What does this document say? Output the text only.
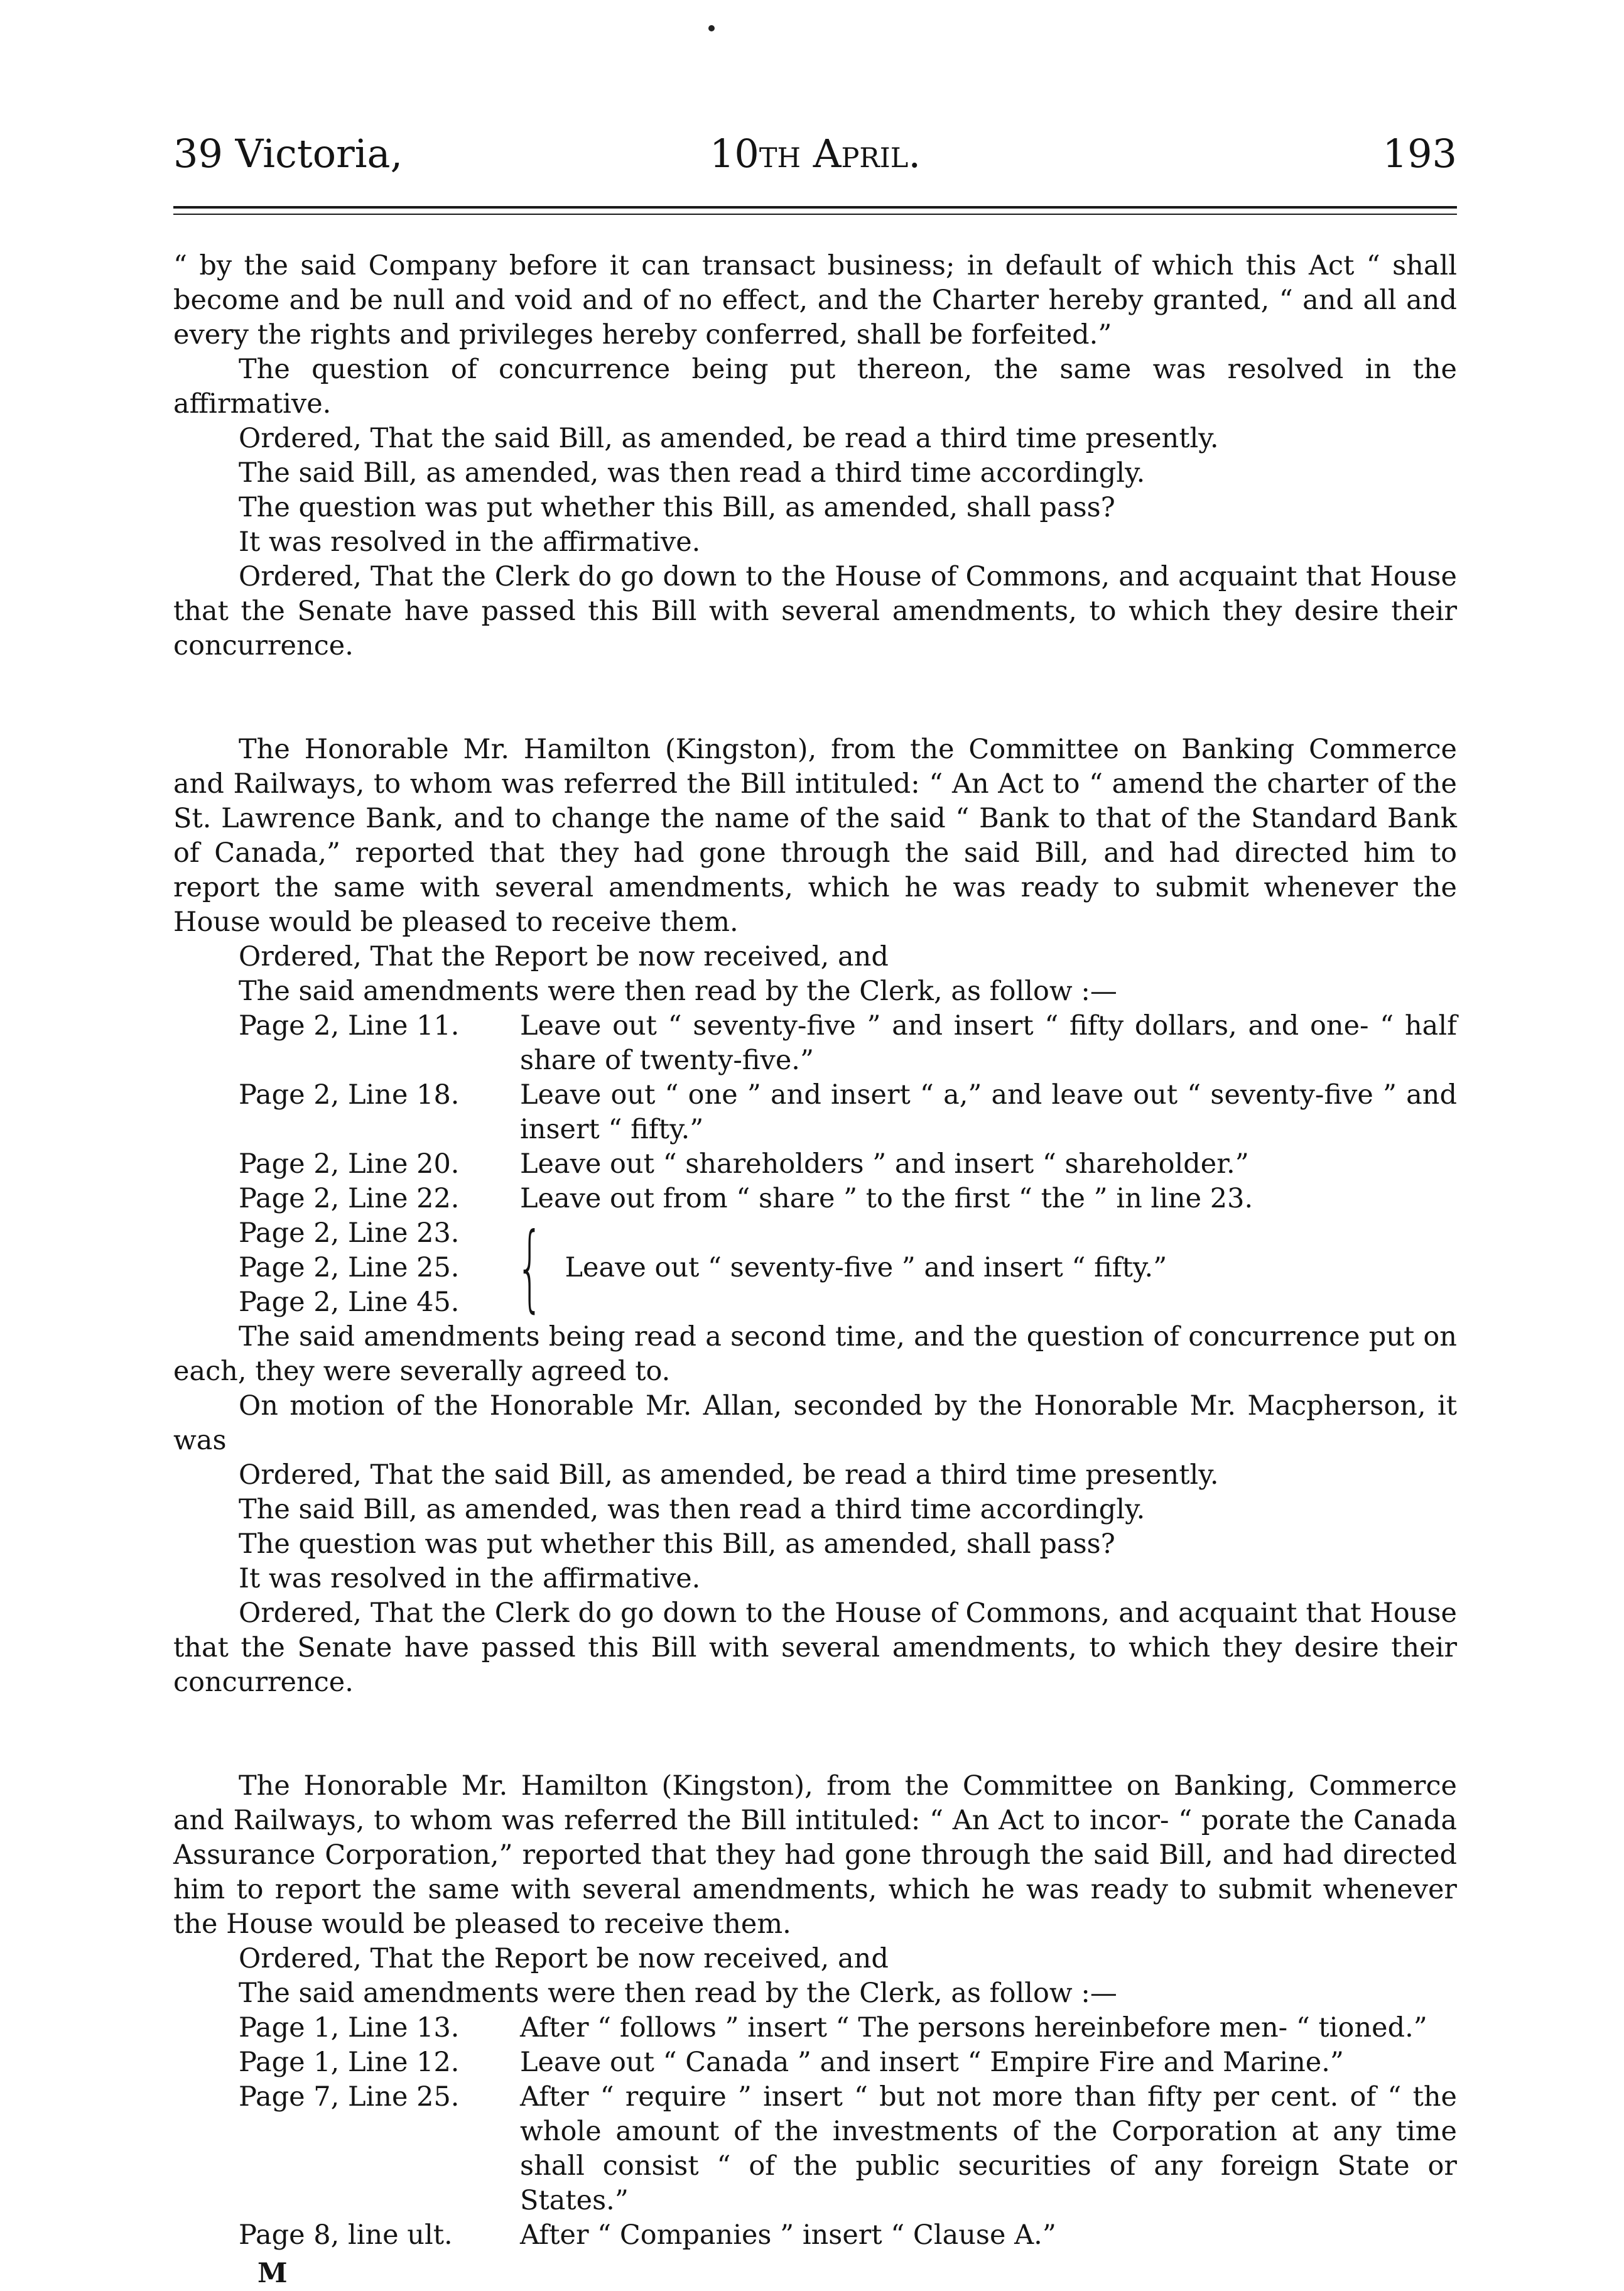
39 Victoria,	10th April.	193

“ by the said Company before it can transact business; in default of which this Act “ shall become and be null and void and of no effect, and the Charter hereby granted, “ and all and every the rights and privileges hereby conferred, shall be forfeited.”

The question of concurrence being put thereon, the same was resolved in the affirmative.

Ordered, That the said Bill, as amended, be read a third time presently.

The said Bill, as amended, was then read a third time accordingly.

The question was put whether this Bill, as amended, shall pass?

It was resolved in the affirmative.

Ordered, That the Clerk do go down to the House of Commons, and acquaint that House that the Senate have passed this Bill with several amendments, to which they desire their concurrence.

The Honorable Mr. Hamilton (Kingston), from the Committee on Banking Commerce and Railways, to whom was referred the Bill intituled: “ An Act to “ amend the charter of the St. Lawrence Bank, and to change the name of the said “ Bank to that of the Standard Bank of Canada,” reported that they had gone through the said Bill, and had directed him to report the same with several amendments, which he was ready to submit whenever the House would be pleased to receive them.

Ordered, That the Report be now received, and

The said amendments were then read by the Clerk, as follow :—

Page 2, Line 11.	Leave out “ seventy-five ” and insert “ fifty dollars, and one- “ half share of twenty-five.”
Page 2, Line 18.	Leave out “ one ” and insert “ a,” and leave out “ seventy-five ” and insert “ fifty.”
Page 2, Line 20.	Leave out “ shareholders ” and insert “ shareholder.”
Page 2, Line 22.	Leave out from “ share ” to the first “ the ” in line 23.
Page 2, Line 23.
Page 2, Line 25.
Page 2, Line 45. { Leave out “ seventy-five ” and insert “ fifty.”

The said amendments being read a second time, and the question of concurrence put on each, they were severally agreed to.

On motion of the Honorable Mr. Allan, seconded by the Honorable Mr. Macpherson, it was

Ordered, That the said Bill, as amended, be read a third time presently.

The said Bill, as amended, was then read a third time accordingly.

The question was put whether this Bill, as amended, shall pass?

It was resolved in the affirmative.

Ordered, That the Clerk do go down to the House of Commons, and acquaint that House that the Senate have passed this Bill with several amendments, to which they desire their concurrence.

The Honorable Mr. Hamilton (Kingston), from the Committee on Banking, Commerce and Railways, to whom was referred the Bill intituled: “ An Act to incor- “ porate the Canada Assurance Corporation,” reported that they had gone through the said Bill, and had directed him to report the same with several amendments, which he was ready to submit whenever the House would be pleased to receive them.

Ordered, That the Report be now received, and

The said amendments were then read by the Clerk, as follow :—

Page 1, Line 13.	After “ follows ” insert “ The persons hereinbefore men- “ tioned.”
Page 1, Line 12.	Leave out “ Canada ” and insert “ Empire Fire and Marine.”
Page 7, Line 25.	After “ require ” insert “ but not more than fifty per cent. of “ the whole amount of the investments of the Corporation at any time shall consist “ of the public securities of any foreign State or States.”
Page 8, line ult.	After “ Companies ” insert “ Clause A.”

M
